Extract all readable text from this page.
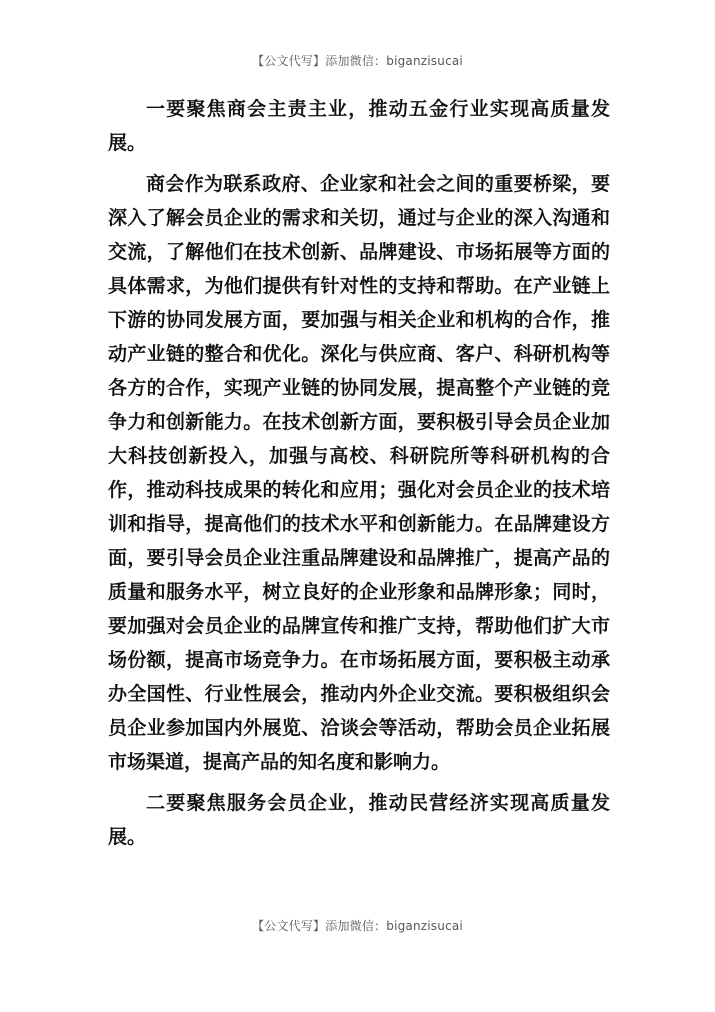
【公文代写】添加微信：biganzisucai

一要聚焦商会主责主业，推动五金行业实现高质量发展。

商会作为联系政府、企业家和社会之间的重要桥梁，要深入了解会员企业的需求和关切，通过与企业的深入沟通和交流，了解他们在技术创新、品牌建设、市场拓展等方面的具体需求，为他们提供有针对性的支持和帮助。在产业链上下游的协同发展方面，要加强与相关企业和机构的合作，推动产业链的整合和优化。深化与供应商、客户、科研机构等各方的合作，实现产业链的协同发展，提高整个产业链的竞争力和创新能力。在技术创新方面，要积极引导会员企业加大科技创新投入，加强与高校、科研院所等科研机构的合作，推动科技成果的转化和应用；强化对会员企业的技术培训和指导，提高他们的技术水平和创新能力。在品牌建设方面，要引导会员企业注重品牌建设和品牌推广，提高产品的质量和服务水平，树立良好的企业形象和品牌形象；同时，要加强对会员企业的品牌宣传和推广支持，帮助他们扩大市场份额，提高市场竞争力。在市场拓展方面，要积极主动承办全国性、行业性展会，推动内外企业交流。要积极组织会员企业参加国内外展览、洽谈会等活动，帮助会员企业拓展市场渠道，提高产品的知名度和影响力。

二要聚焦服务会员企业，推动民营经济实现高质量发展。

【公文代写】添加微信：biganzisucai
